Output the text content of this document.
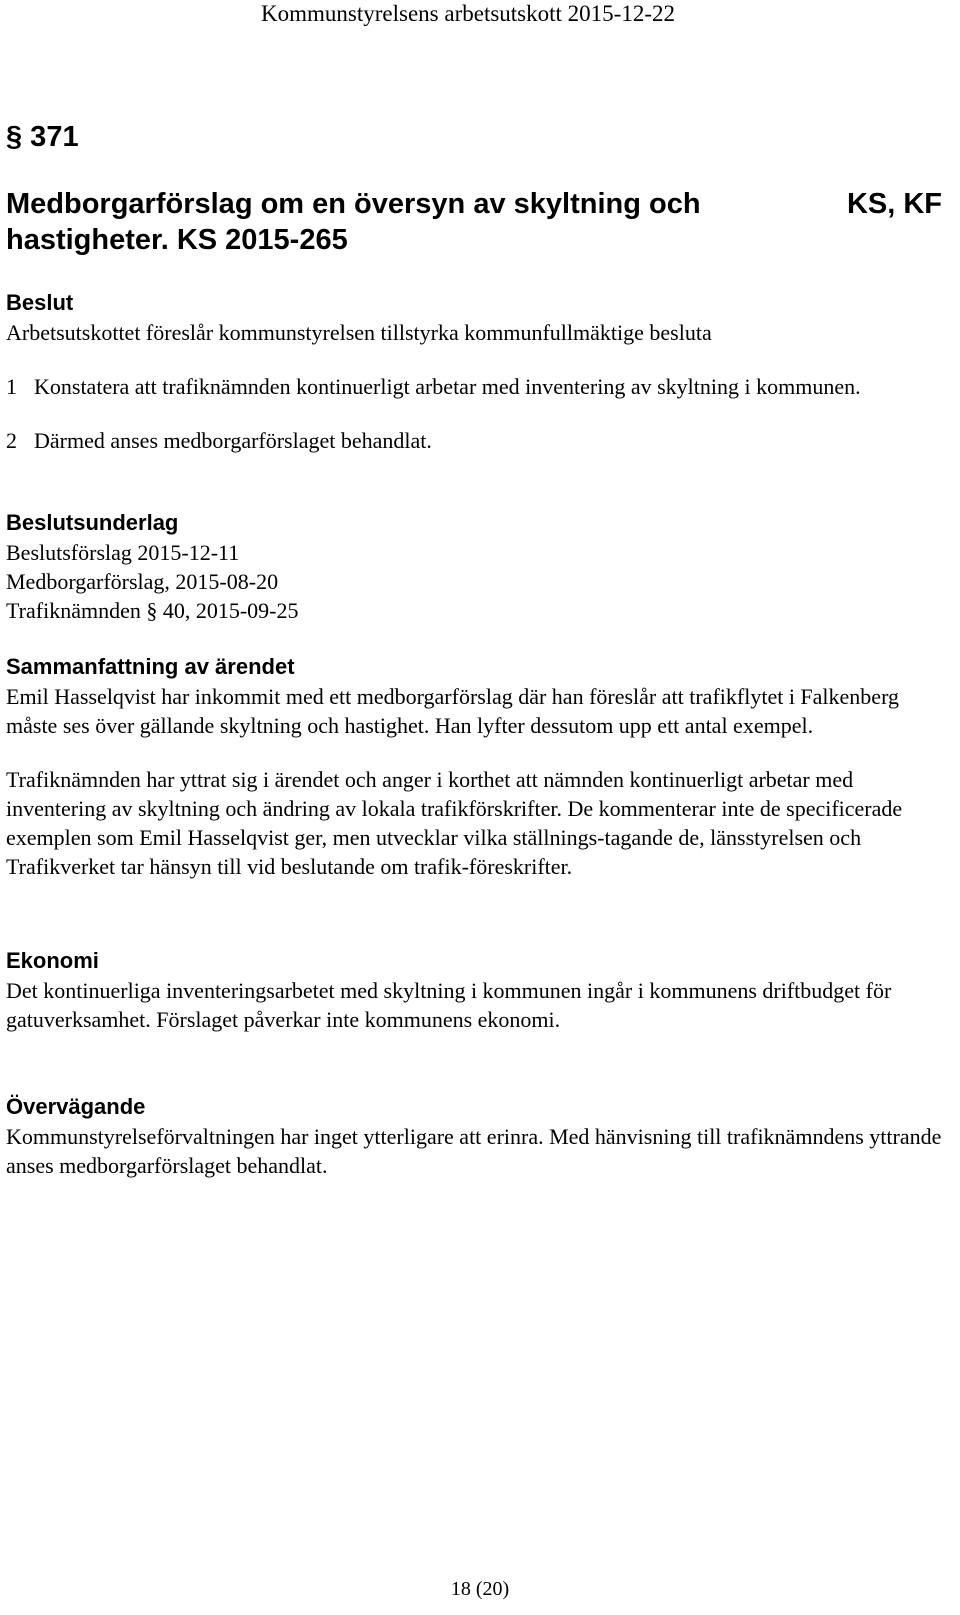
Kommunstyrelsens arbetsutskott 2015-12-22
§ 371
Medborgarförslag om en översyn av skyltning och hastigheter. KS 2015-265
KS, KF
Beslut

Arbetsutskottet föreslår kommunstyrelsen tillstyrka kommunfullmäktige besluta

1 Konstatera att trafiknämnden kontinuerligt arbetar med inventering av skyltning i kommunen.
2 Därmed anses medborgarförslaget behandlat.
Beslutsunderlag

Beslutsförslag 2015-12-11

Medborgarförslag, 2015-08-20

Trafiknämnden § 40, 2015-09-25

Sammanfattning av ärendet

Emil Hasselqvist har inkommit med ett medborgarförslag där han föreslår att trafikflytet i Falkenberg måste ses över gällande skyltning och hastighet. Han lyfter dessutom upp ett antal exempel.

Trafiknämnden har yttrat sig i ärendet och anger i korthet att nämnden kontinuerligt arbetar med inventering av skyltning och ändring av lokala trafikförskrifter. De kommenterar inte de specificerade exemplen som Emil Hasselqvist ger, men utvecklar vilka ställnings-tagande de, länsstyrelsen och Trafikverket tar hänsyn till vid beslutande om trafik-föreskrifter.

Ekonomi

Det kontinuerliga inventeringsarbetet med skyltning i kommunen ingår i kommunens driftbudget för gatuverksamhet. Förslaget påverkar inte kommunens ekonomi.

Övervägande

Kommunstyrelseförvaltningen har inget ytterligare att erinra. Med hänvisning till trafiknämndens yttrande anses medborgarförslaget behandlat.

18 (20)
